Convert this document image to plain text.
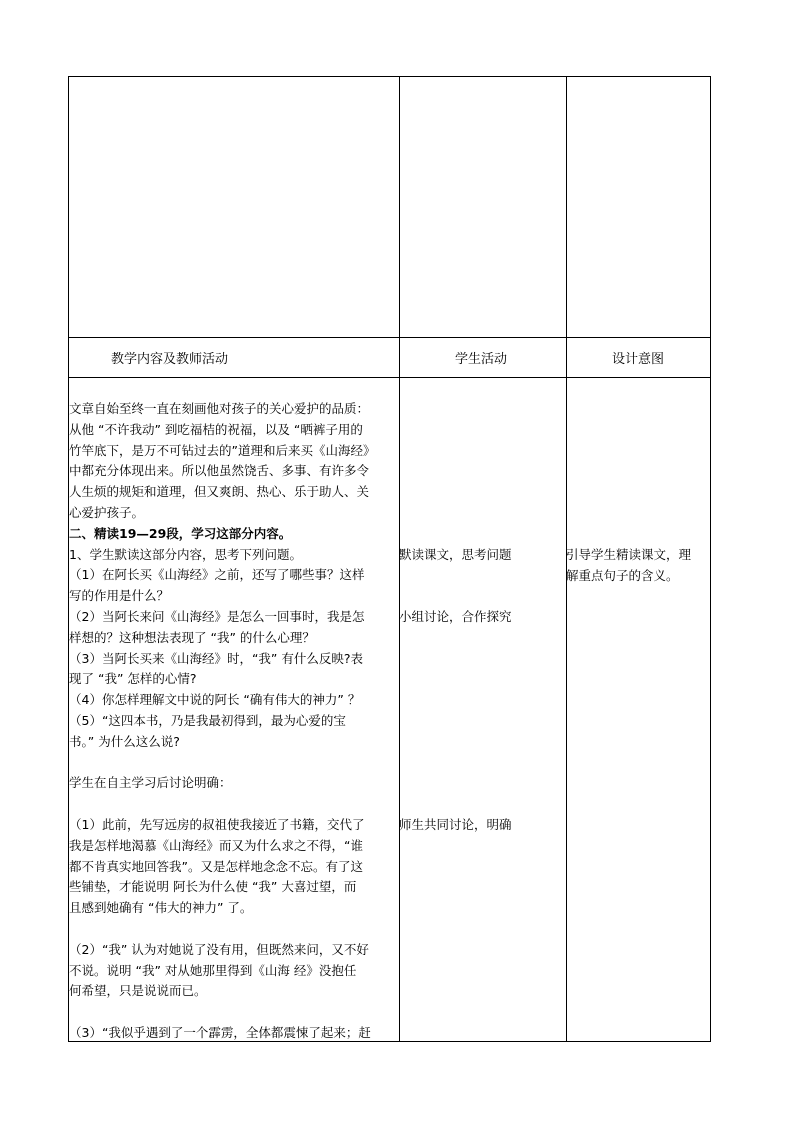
教学内容及教师活动	学生活动	设计意图
文章自始至终一直在刻画他对孩子的关心爱护的品质：
从他 “不许我动” 到吃福桔的祝福，以及 “晒裤子用的
竹竿底下，是万不可钻过去的”道理和后来买《山海经》
中都充分体现出来。所以他虽然饶舌、多事、有许多令
人生烦的规矩和道理，但又爽朗、热心、乐于助人、关
心爱护孩子。
二、精读19—29段，学习这部分内容。
1、学生默读这部分内容，思考下列问题。
（1）在阿长买《山海经》之前，还写了哪些事？这样
写的作用是什么？
（2）当阿长来问《山海经》是怎么一回事时，我是怎
样想的？这种想法表现了 “我” 的什么心理？
（3）当阿长买来《山海经》时，“我” 有什么反映?表
现了 “我” 怎样的心情?
（4）你怎样理解文中说的阿长 “确有伟大的神力” ？
（5）“这四本书，乃是我最初得到，最为心爱的宝
书。” 为什么这么说?
学生在自主学习后讨论明确：
（1）此前，先写远房的叔祖使我接近了书籍，交代了
我是怎样地渴慕《山海经》而又为什么求之不得，“谁
都不肯真实地回答我”。又是怎样地念念不忘。有了这
些铺垫，才能说明 阿长为什么使 “我” 大喜过望，而
且感到她确有 “伟大的神力” 了。
（2）“我” 认为对她说了没有用，但既然来问，又不好
不说。说明 “我” 对从她那里得到《山海 经》没抱任
何希望，只是说说而已。
（3）“我似乎遇到了一个霹雳，全体都震悚了起来；赶
默读课文，思考问题
小组讨论，合作探究
师生共同讨论，明确
引导学生精读课文，理
解重点句子的含义。
